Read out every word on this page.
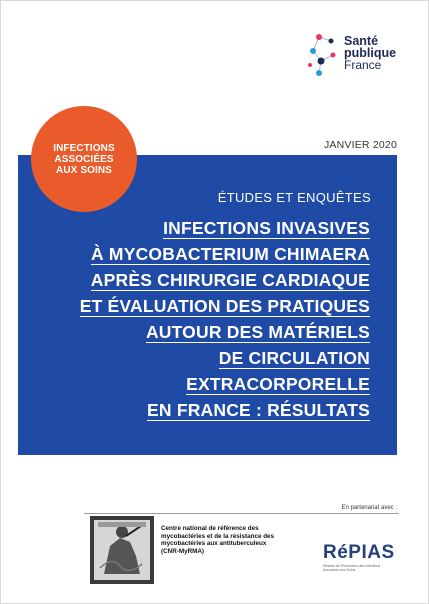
Santé
publique
France
JANVIER 2020
INFECTIONS
ASSOCIÉES
AUX SOINS
ÉTUDES ET ENQUÊTES
INFECTIONS INVASIVES
À MYCOBACTERIUM CHIMAERA
APRÈS CHIRURGIE CARDIAQUE
ET ÉVALUATION DES PRATIQUES
AUTOUR DES MATÉRIELS
DE CIRCULATION EXTRACORPORELLE
EN FRANCE : RÉSULTATS
En partenariat avec :
Centre national de référence des mycobactéries et de la résistance des mycobactéries aux antituberculeux (CNR-MyRMA)	RéPIAS
Réseau de Prévention des Infections Associées aux Soins
